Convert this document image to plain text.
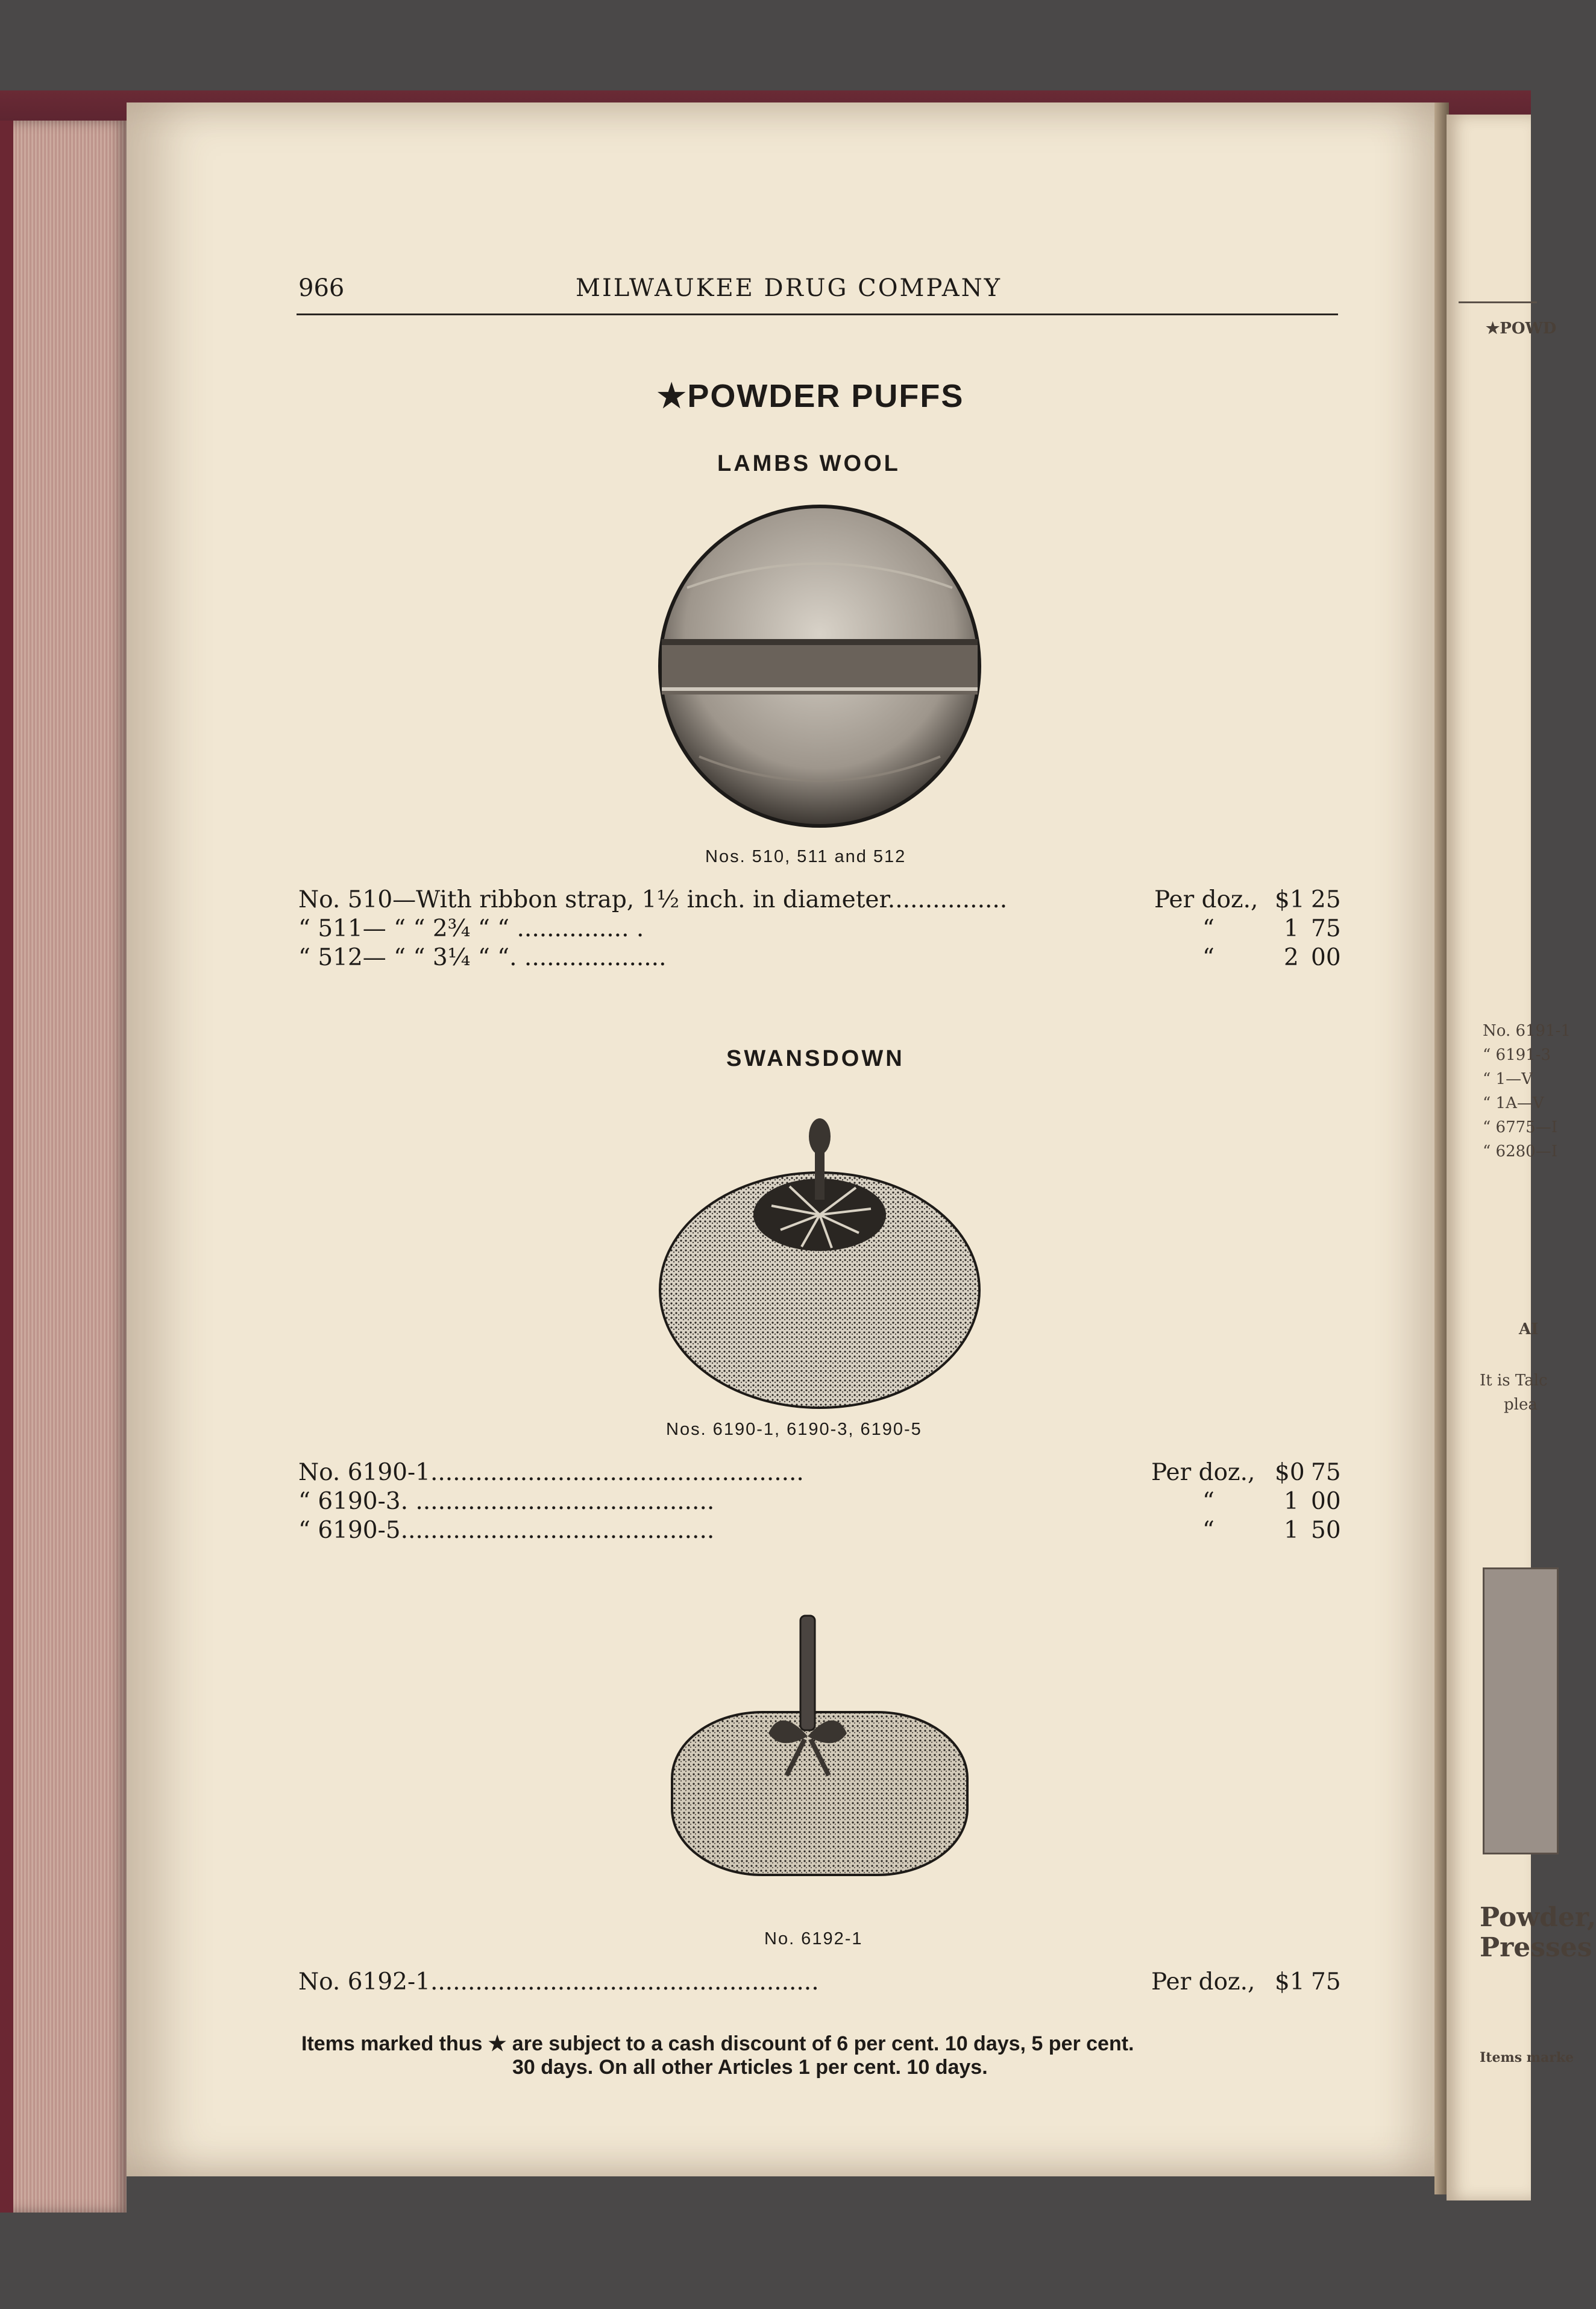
966	MILWAUKEE DRUG COMPANY
★POWDER PUFFS
LAMBS WOOL
Nos. 510, 511 and 512
No. 510—With ribbon strap, 1½ inch. in diameter................	Per doz., $1 25
“ 511— “ “ 2¾ “ “ ............... .	“	1 75
“ 512— “ “ 3¼ “ “. ...................	“	2 00
SWANSDOWN
Nos. 6190-1, 6190-3, 6190-5
No. 6190-1..................................................	Per doz., $0 75
“ 6190-3. ........................................	“	1 00
“ 6190-5..........................................	“	1 50
No. 6192-1
No. 6192-1....................................................	Per doz., $1 75
Items marked thus ★ are subject to a cash discount of 6 per cent. 10 days, 5 per cent.
30 days. On all other Articles 1 per cent. 10 days.
★POWD
No. 6191-1
“ 6191-3
“ 1—V
“ 1A—V
“ 6775—I
“ 6280—I
AI
It is Talc
plea
Powder,
Presses
Items marke
